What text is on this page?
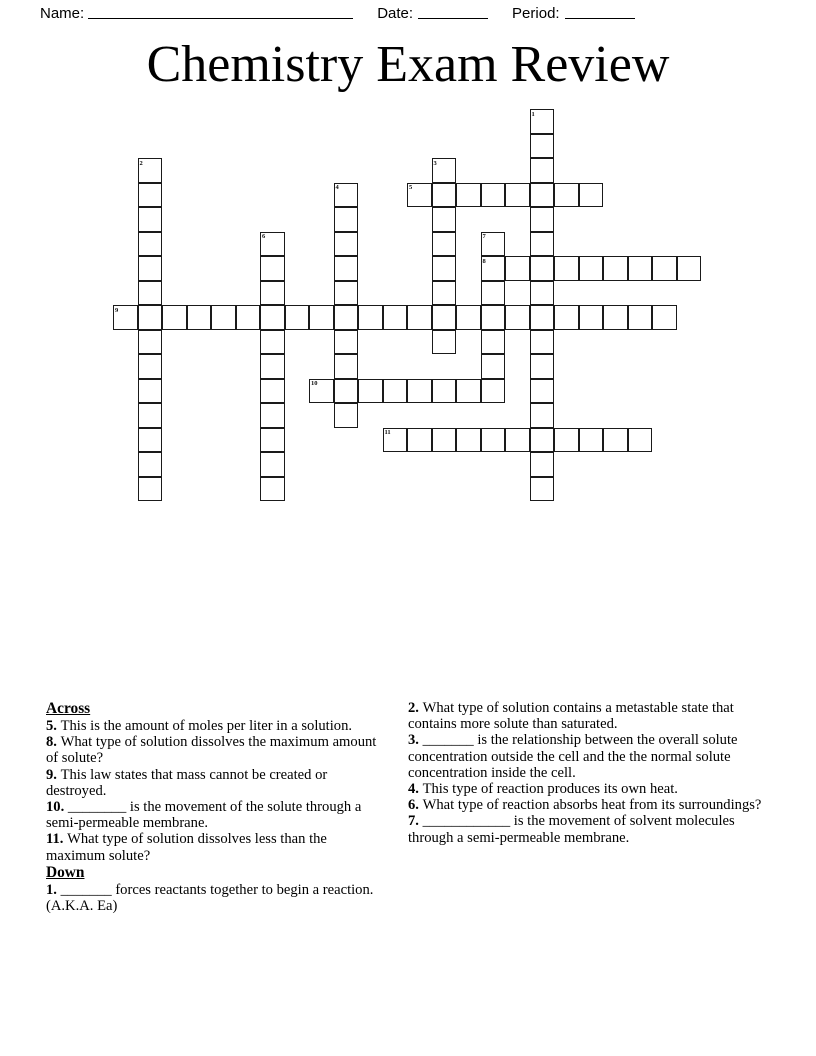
Name:	Date:	Period:
Chemistry Exam Review
1
2	3
4	5
6	7
8
9
10
11
Across
5. This is the amount of moles per liter in a solution.
8. What type of solution dissolves the maximum amount of solute?
9. This law states that mass cannot be created or destroyed.
10. ________ is the movement of the solute through a semi-permeable membrane.
11. What type of solution dissolves less than the maximum solute?
Down
1. _______ forces reactants together to begin a reaction. (A.K.A. Ea)
2. What type of solution contains a metastable state that contains more solute than saturated.
3. _______ is the relationship between the overall solute concentration outside the cell and the the normal solute concentration inside the cell.
4. This type of reaction produces its own heat.
6. What type of reaction absorbs heat from its surroundings?
7. ____________ is the movement of solvent molecules through a semi-permeable membrane.
